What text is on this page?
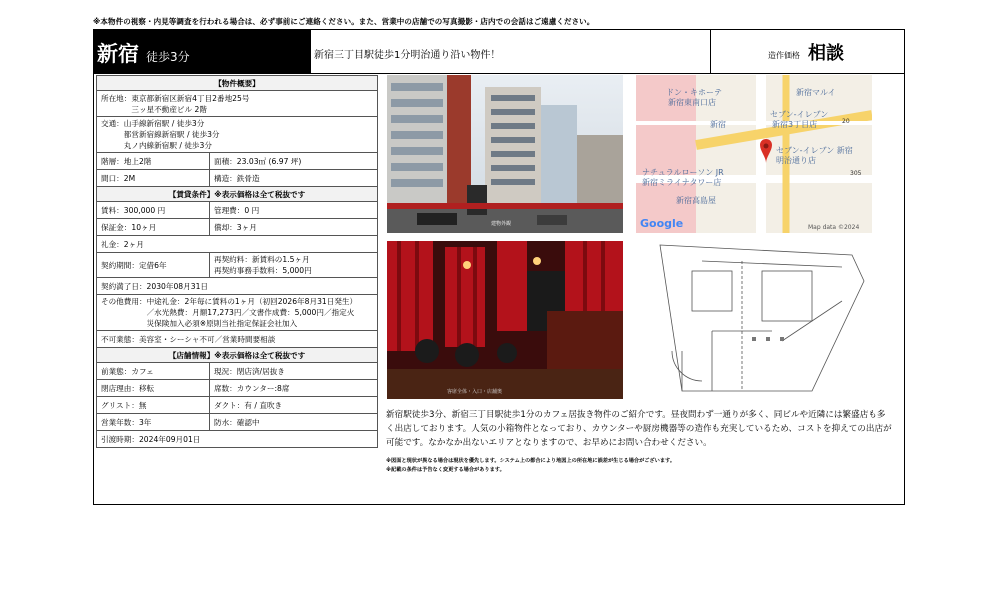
※本物件の視察・内見等調査を行われる場合は、必ず事前にご連絡ください。また、営業中の店舗での写真撮影・店内での会話はご遠慮ください。
新宿 徒歩3分	新宿三丁目駅徒歩1分明治通り沿い物件！	造作価格 相談
【物件概要】	

所在地： 東京都新宿区新宿4丁目2番地25号
三ッ星不動産ビル 2階	

交通： 山手線新宿駅 / 徒歩3分
都営新宿線新宿駅 / 徒歩3分
丸ノ内線新宿駅 / 徒歩3分	

階層：地上2階	面積：23.03㎡ (6.97 坪)
間口：2M	構造：鉄骨造
【賃貸条件】※表示価格は全て税抜です	
賃料：300,000 円	管理費：0 円
保証金：10ヶ月	償却：3ヶ月
礼金：2ヶ月	
契約期間：定借6年	再契約料：新賃料の1.5ヶ月
再契約事務手数料：5,000円

契約満了日：2030年08月31日	

その他費用： 中途礼金：2年毎に賃料の1ヶ月（初回2026年8月31日発生）
／水光熱費：月額17,273円／文書作成費：5,000円／指定火
災保険加入必須※原則当社指定保証会社加入	

不可業態：美容室・シーシャ不可／営業時間要相談	
【店舗情報】※表示価格は全て税抜です	
前業態：カフェ	現況：閉店済/居抜き
閉店理由：移転	席数：カウンター:8席
グリスト：無	ダクト：有 / 直吹き
営業年数：3年	防水：確認中
引渡時期：2024年09月01日	
建物外観
ドン・キホーテ
新宿東南口店
新宿マルイ
セブン-イレブン
新宿3丁目店
セブン-イレブン 新宿
明治通り店
ナチュラルローソン JR
新宿ミライナタワー店
新宿高島屋
新宿	20
305
Google	Map data ©2024
客席全体・入口・店舗奥
新宿駅徒歩3分、新宿三丁目駅徒歩1分のカフェ居抜き物件のご紹介です。昼夜問わず一通りが多く、同ビルや近隣には繁盛店も多く出店しております。人気の小箱物件となっており、カウンターや厨房機器等の造作も充実しているため、コストを抑えての出店が可能です。なかなか出ないエリアとなりますので、お早めにお問い合わせください。
※図面と現状が異なる場合は現状を優先します。システム上の都合により地図上の所在地に誤差が生じる場合がございます。
※記載の条件は予告なく変更する場合があります。
